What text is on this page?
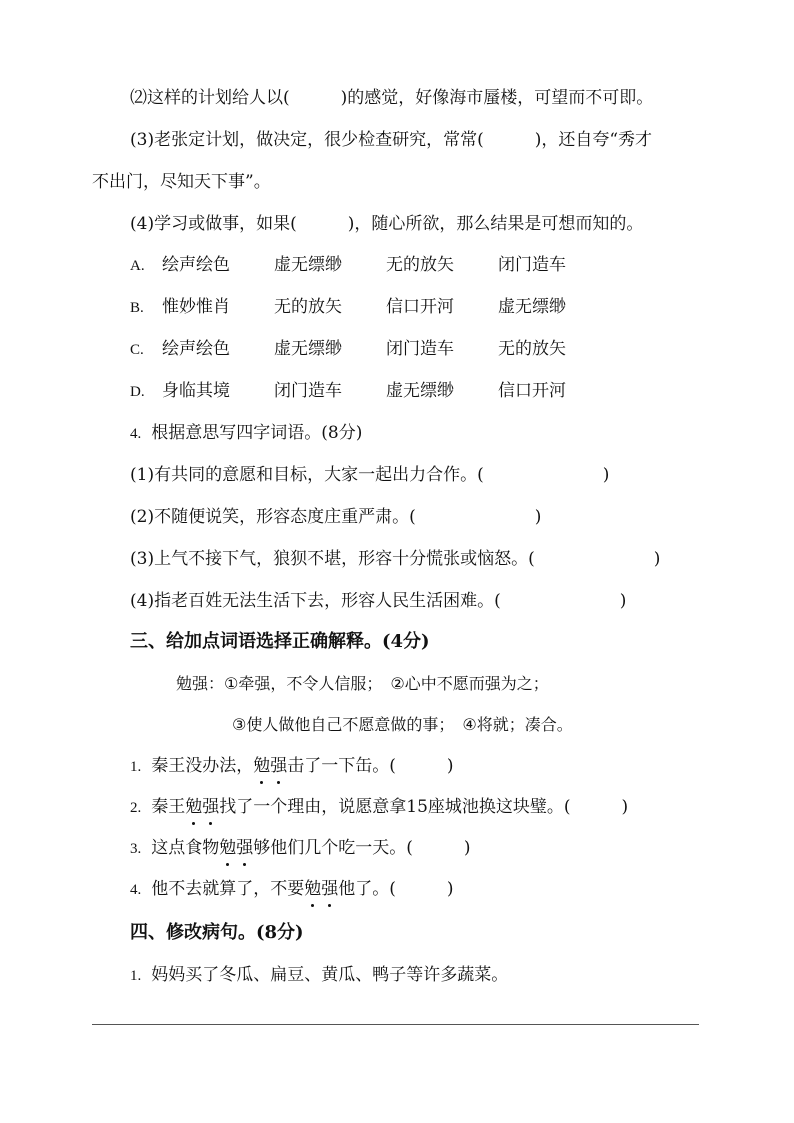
⑵这样的计划给人以(　　　)的感觉，好像海市蜃楼，可望而不可即。
(3)老张定计划，做决定，很少检查研究，常常(　　　)，还自夸“秀才
不出门，尽知天下事”。
(4)学习或做事，如果(　　　)，随心所欲，那么结果是可想而知的。
A. 绘声绘色	虚无缥缈	无的放矢	闭门造车
B. 惟妙惟肖	无的放矢	信口开河	虚无缥缈
C. 绘声绘色	虚无缥缈	闭门造车	无的放矢
D. 身临其境	闭门造车	虚无缥缈	信口开河
4. 根据意思写四字词语。(8分)
(1)有共同的意愿和目标，大家一起出力合作。(　　　　　　　)
(2)不随便说笑，形容态度庄重严肃。(　　　　　　　)
(3)上气不接下气，狼狈不堪，形容十分慌张或恼怒。(　　　　　　　)
(4)指老百姓无法生活下去，形容人民生活困难。(　　　　　　　)
三、给加点词语选择正确解释。(4分)
勉强：①牵强，不令人信服；　②心中不愿而强为之；
③使人做他自己不愿意做的事；　④将就；凑合。
1. 秦王没办法，勉强击了一下缶。(　　　)
2. 秦王勉强找了一个理由，说愿意拿15座城池换这块璧。(　　　)
3. 这点食物勉强够他们几个吃一天。(　　　)
4. 他不去就算了，不要勉强他了。(　　　)
四、修改病句。(8分)
1. 妈妈买了冬瓜、扁豆、黄瓜、鸭子等许多蔬菜。
